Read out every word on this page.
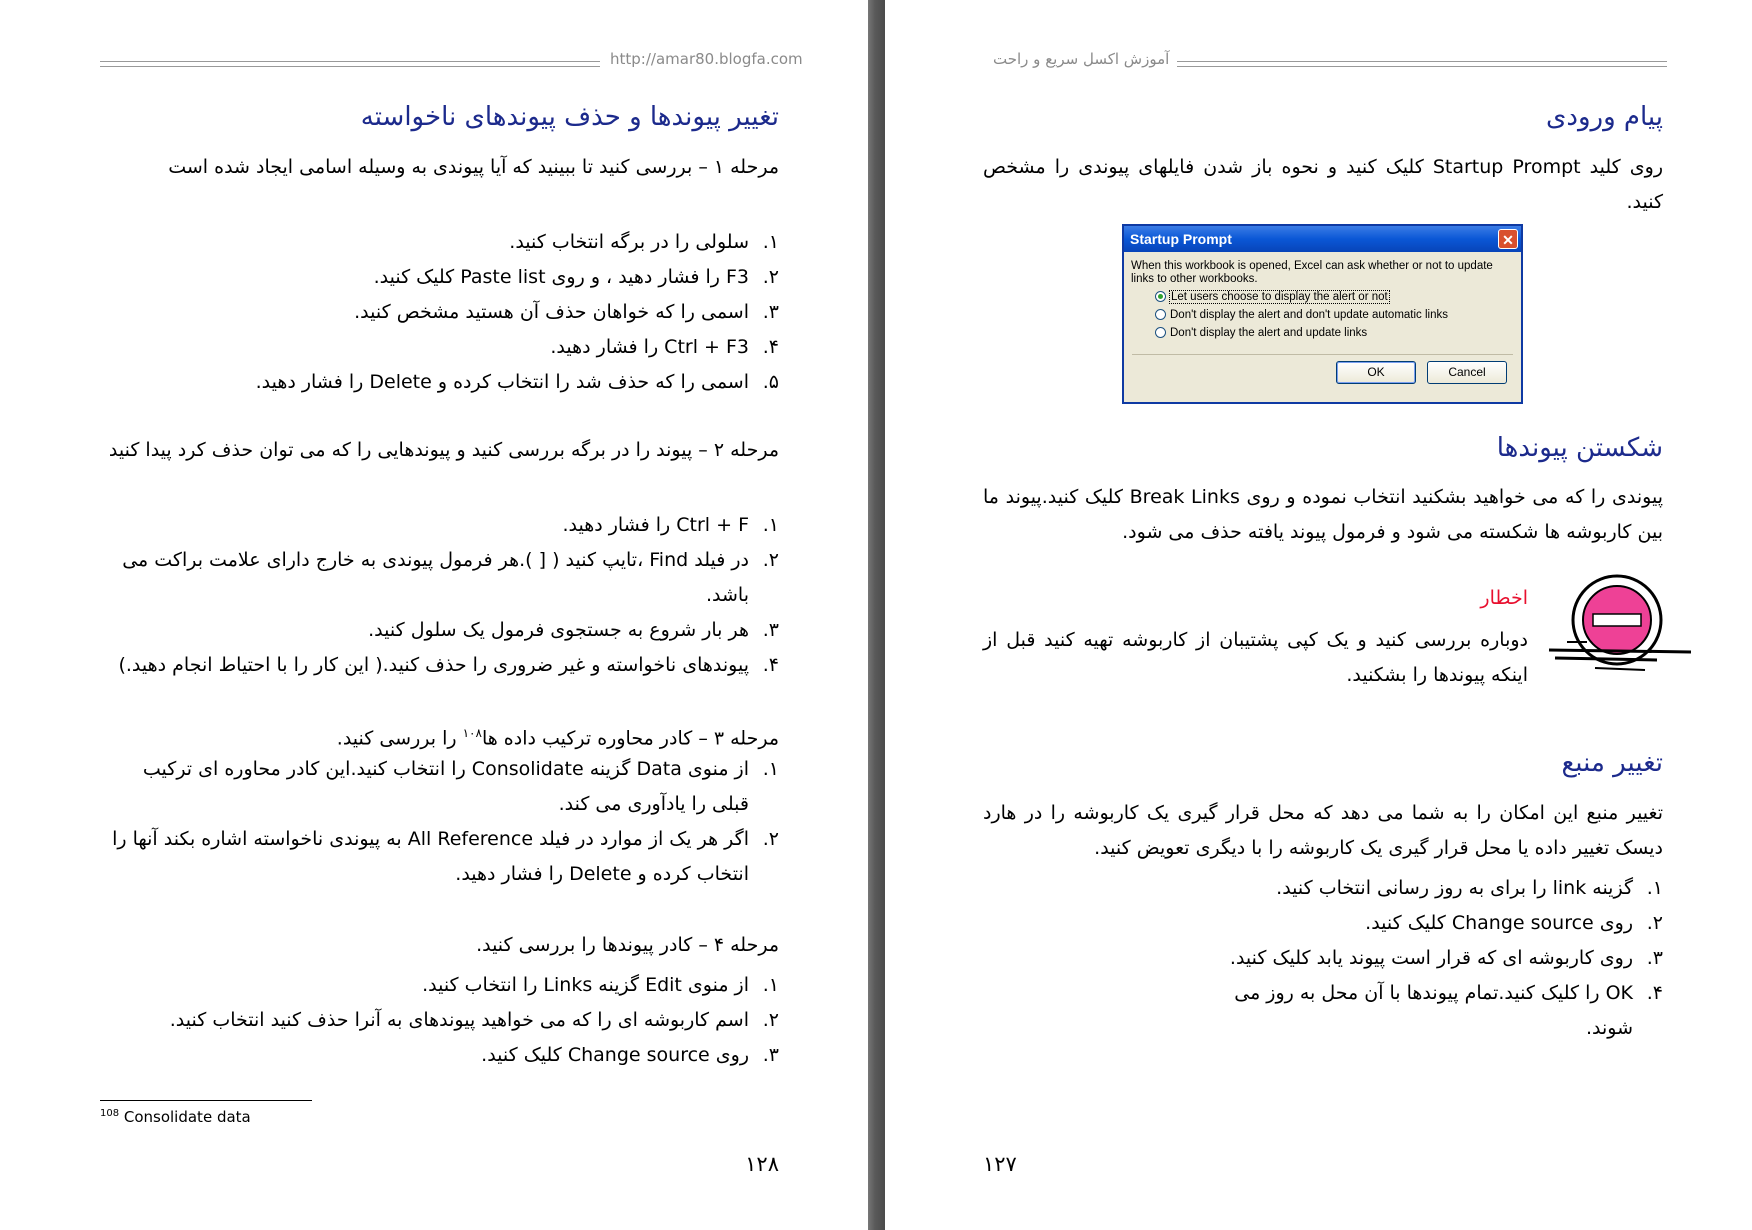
http://amar80.blogfa.com
تغییر پیوندها و حذف پیوندهای ناخواسته
مرحله ۱ – بررسی کنید تا ببینید که آیا پیوندی به وسیله اسامی ایجاد شده است
۱.
سلولی را در برگه انتخاب کنید.
۲.
F3 را فشار دهید ، و روی Paste list کلیک کنید.
۳.
اسمی را که خواهان حذف آن هستید مشخص کنید.
۴.
Ctrl + F3 را فشار دهید.
۵.
اسمی را که حذف شد را انتخاب کرده و Delete را فشار دهید.
مرحله ۲ – پیوند را در برگه بررسی کنید و پیوندهایی را که می توان حذف کرد پیدا کنید
۱.
Ctrl + F را فشار دهید.
۲.
در فیلد Find ،تایپ کنید ( [ ).هر فرمول پیوندی به خارج دارای علامت براکت می باشد.
۳.
هر بار شروع به جستجوی فرمول یک سلول کنید.
۴.
پیوندهای ناخواسته و غیر ضروری را حذف کنید.( این کار را با احتیاط انجام دهید.)
مرحله ۳ – کادر محاوره ترکیب داده ها$^{۱۰۸}$ را بررسی کنید.
۱.
از منوی Data گزینه Consolidate را انتخاب کنید.این کادر محاوره ای ترکیب قبلی را یادآوری می کند.
۲.
اگر هر یک از موارد در فیلد All Reference به پیوندی ناخواسته اشاره بکند آنها را انتخاب کرده و Delete را فشار دهید.
مرحله ۴ – کادر پیوندها را بررسی کنید.
۱.
از منوی Edit گزینه Links را انتخاب کنید.
۲.
اسم کاربوشه ای را که می خواهید پیوندهای به آنرا حذف کنید انتخاب کنید.
۳.
روی Change source کلیک کنید.
$^{108}$ Consolidate data
۱۲۸
آموزش اکسل سریع و راحت
پیام ورودی
روی کلید Startup Prompt کلیک کنید و نحوه باز شدن فایلهای پیوندی را مشخص کنید.
Startup Prompt	✕
When this workbook is opened, Excel can ask whether or not to update links to other workbooks.
Let users choose to display the alert or not
Don't display the alert and don't update automatic links
Don't display the alert and update links
OK	Cancel
شکستن پیوندها
پیوندی را که می خواهید بشکنید انتخاب نموده و روی Break Links کلیک کنید.پیوند ما بین کاربوشه ها شکسته می شود و فرمول پیوند یافته حذف می شود.
اخطار
دوباره بررسی کنید و یک کپی پشتیبان از کاربوشه تهیه کنید قبل از اینکه پیوندها را بشکنید.
تغییر منبع
تغییر منبع این امکان را به شما می دهد که محل قرار گیری یک کاربوشه را در هارد دیسک تغییر داده یا محل قرار گیری یک کاربوشه را با دیگری تعویض کنید.
۱.
گزینه link را برای به روز رسانی انتخاب کنید.
۲.
روی Change source کلیک کنید.
۳.
روی کاربوشه ای که قرار است پیوند یابد کلیک کنید.
۴.
OK را کلیک کنید.تمام پیوندها با آن محل به روز می شوند.
۱۲۷
